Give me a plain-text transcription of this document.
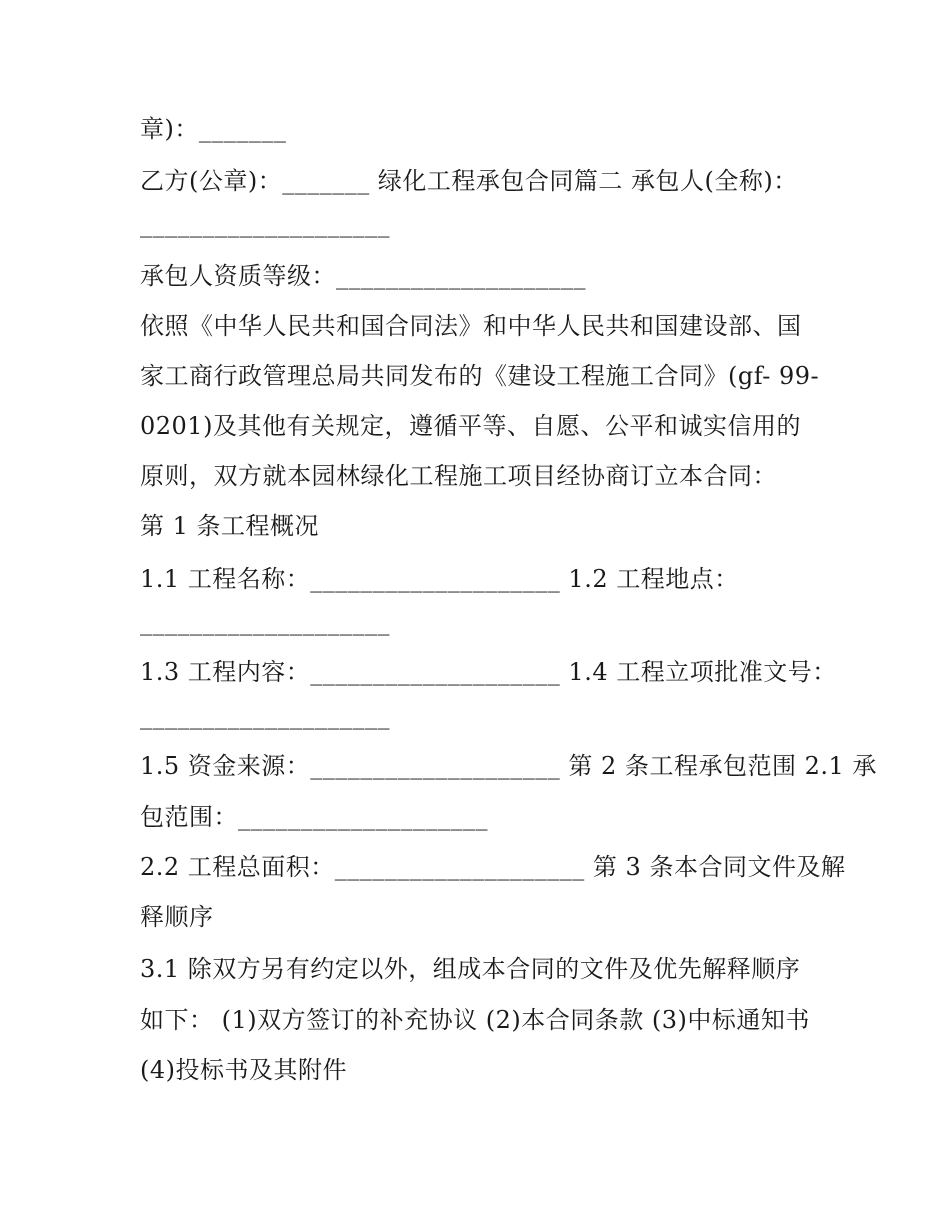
章)：_______
乙方(公章)：_______ 绿化工程承包合同篇二 承包人(全称)：
____________________
承包人资质等级：____________________
依照《中华人民共和国合同法》和中华人民共和国建设部、国
家工商行政管理总局共同发布的《建设工程施工合同》(gf- 99-
0201)及其他有关规定，遵循平等、自愿、公平和诚实信用的
原则，双方就本园林绿化工程施工项目经协商订立本合同：
第 1 条工程概况
1.1 工程名称：____________________ 1.2 工程地点：
____________________
1.3 工程内容：____________________ 1.4 工程立项批准文号：
____________________
1.5 资金来源：____________________ 第 2 条工程承包范围 2.1 承
包范围：____________________
2.2 工程总面积：____________________ 第 3 条本合同文件及解
释顺序
3.1 除双方另有约定以外，组成本合同的文件及优先解释顺序
如下： (1)双方签订的补充协议 (2)本合同条款 (3)中标通知书
(4)投标书及其附件
